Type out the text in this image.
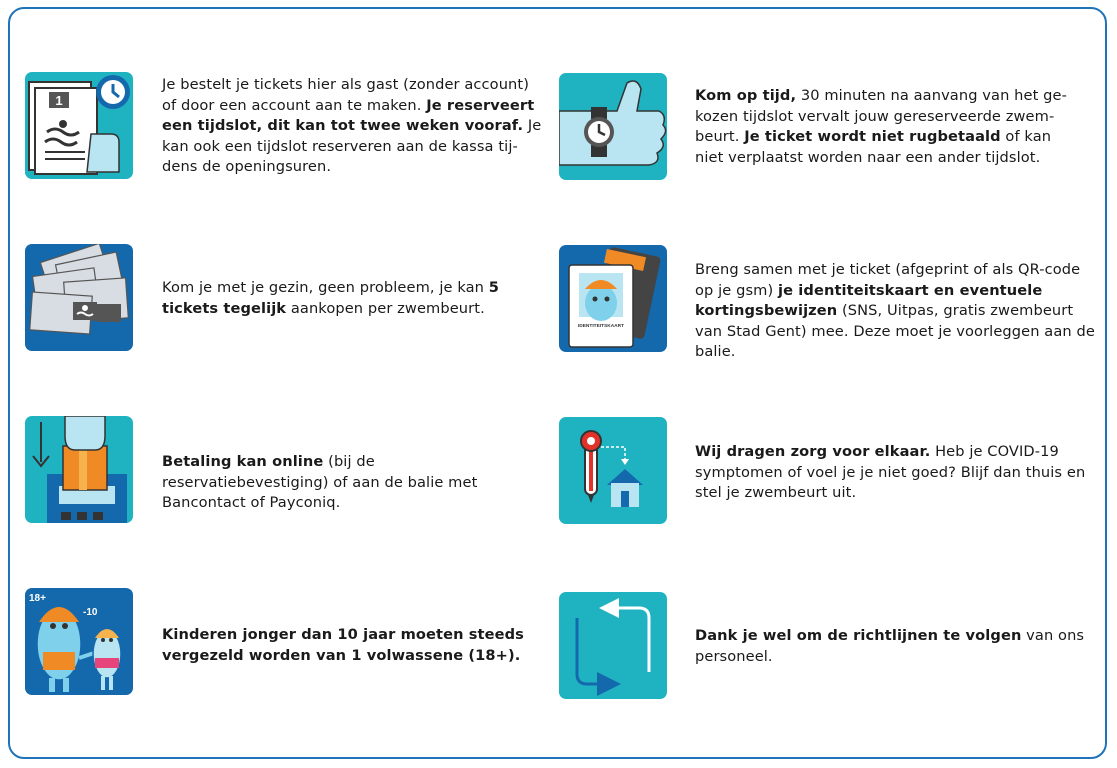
1
Je bestelt je tickets hier als gast (zonder account) of door een account aan te maken. Je reserveert een tijdslot, dit kan tot twee weken vooraf. Je kan ook een tijdslot reserveren aan de kassa tijdens de openingsuren.
Kom op tijd, 30 minuten na aanvang van het gekozen tijdslot vervalt jouw gereserveerde zwembeurt. Je ticket wordt niet rugbetaald of kan niet verplaatst worden naar een ander tijdslot.
Kom je met je gezin, geen probleem, je kan 5 tickets tegelijk aankopen per zwembeurt.
IDENTITEITSKAART
Breng samen met je ticket (afgeprint of als QR-code op je gsm) je identiteitskaart en eventuele kortingsbewijzen (SNS, Uitpas, gratis zwembeurt van Stad Gent) mee. Deze moet je voorleggen aan de balie.
Betaling kan online (bij de reservatiebevestiging) of aan de balie met Bancontact of Payconiq.
Wij dragen zorg voor elkaar. Heb je COVID-19 symptomen of voel je je niet goed? Blijf dan thuis en stel je zwembeurt uit.
18+
-10
Kinderen jonger dan 10 jaar moeten steeds vergezeld worden van 1 volwassene (18+).
Dank je wel om de richtlijnen te volgen van ons personeel.
